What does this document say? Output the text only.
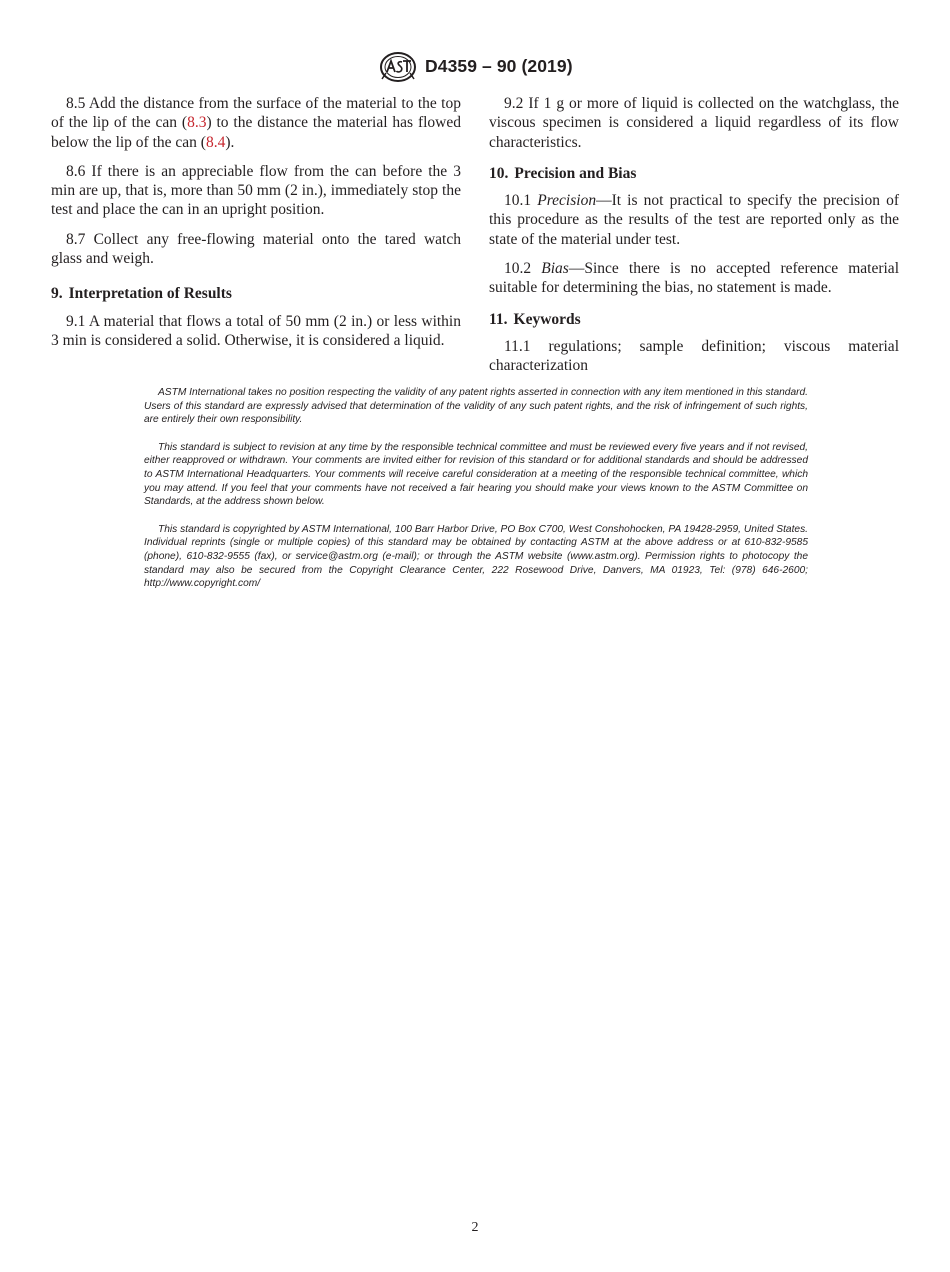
D4359 – 90 (2019)

8.5 Add the distance from the surface of the material to the top of the lip of the can (8.3) to the distance the material has flowed below the lip of the can (8.4).

8.6 If there is an appreciable flow from the can before the 3 min are up, that is, more than 50 mm (2 in.), immediately stop the test and place the can in an upright position.

8.7 Collect any free-flowing material onto the tared watch glass and weigh.

9. Interpretation of Results

9.1 A material that flows a total of 50 mm (2 in.) or less within 3 min is considered a solid. Otherwise, it is considered a liquid.

9.2 If 1 g or more of liquid is collected on the watchglass, the viscous specimen is considered a liquid regardless of its flow characteristics.

10. Precision and Bias

10.1 Precision—It is not practical to specify the precision of this procedure as the results of the test are reported only as the state of the material under test.

10.2 Bias—Since there is no accepted reference material suitable for determining the bias, no statement is made.

11. Keywords

11.1 regulations; sample definition; viscous material characterization

ASTM International takes no position respecting the validity of any patent rights asserted in connection with any item mentioned in this standard. Users of this standard are expressly advised that determination of the validity of any such patent rights, and the risk of infringement of such rights, are entirely their own responsibility.

This standard is subject to revision at any time by the responsible technical committee and must be reviewed every five years and if not revised, either reapproved or withdrawn. Your comments are invited either for revision of this standard or for additional standards and should be addressed to ASTM International Headquarters. Your comments will receive careful consideration at a meeting of the responsible technical committee, which you may attend. If you feel that your comments have not received a fair hearing you should make your views known to the ASTM Committee on Standards, at the address shown below.

This standard is copyrighted by ASTM International, 100 Barr Harbor Drive, PO Box C700, West Conshohocken, PA 19428-2959, United States. Individual reprints (single or multiple copies) of this standard may be obtained by contacting ASTM at the above address or at 610-832-9585 (phone), 610-832-9555 (fax), or service@astm.org (e-mail); or through the ASTM website (www.astm.org). Permission rights to photocopy the standard may also be secured from the Copyright Clearance Center, 222 Rosewood Drive, Danvers, MA 01923, Tel: (978) 646-2600; http://www.copyright.com/

2
